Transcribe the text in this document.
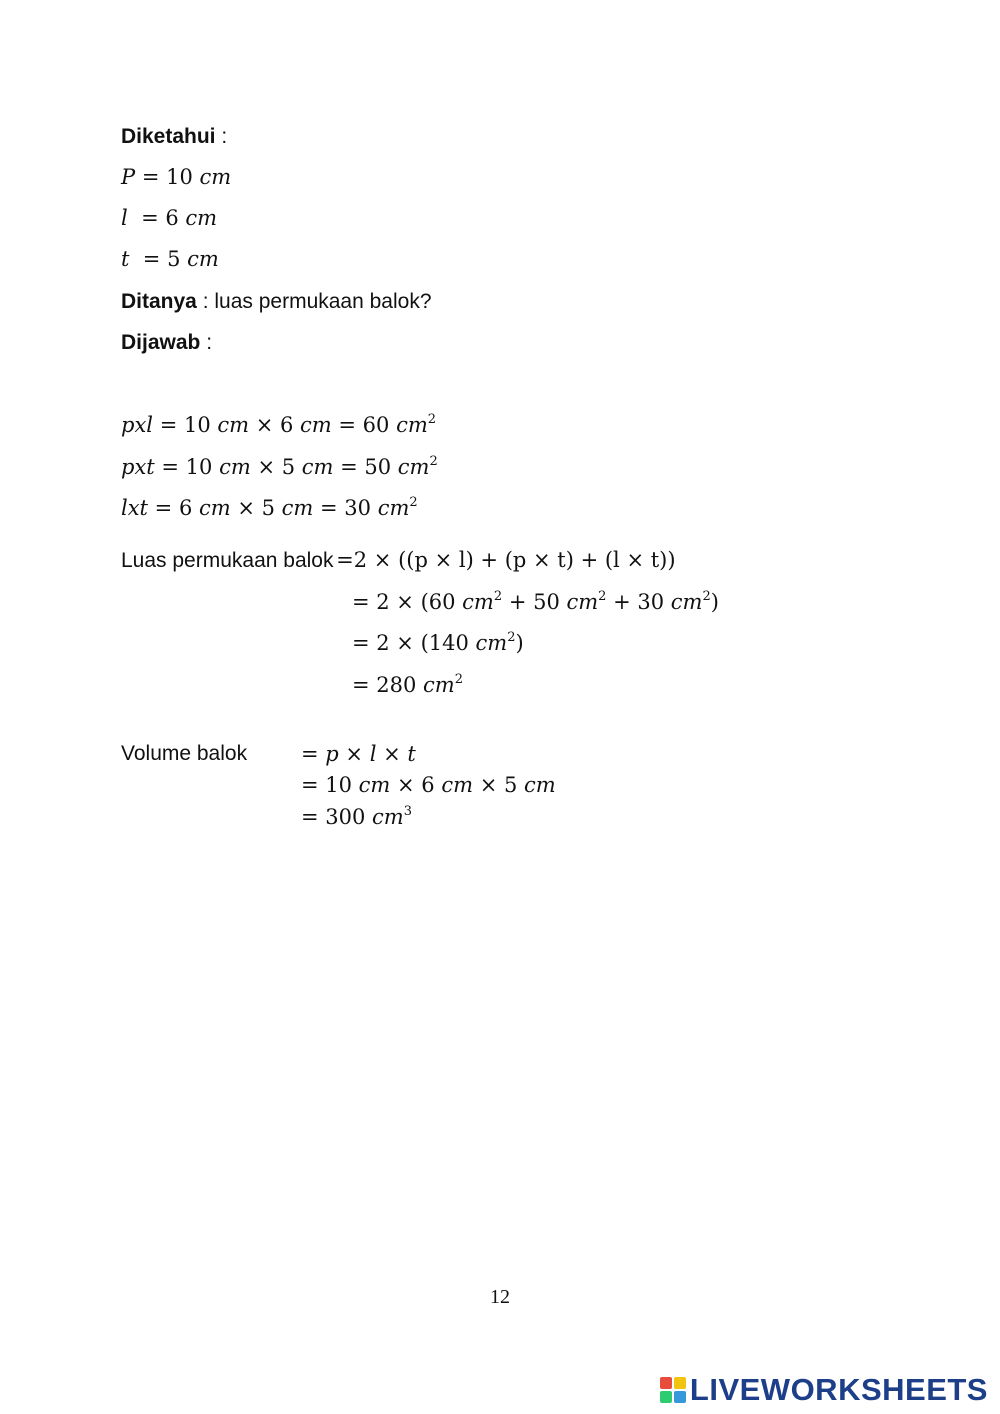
Diketahui :
P = 10 cm
l  = 6 cm
t  = 5 cm
Ditanya : luas permukaan balok?
Dijawab :
pxl = 10 cm × 6 cm = 60 $cm^2$
pxt = 10 cm × 5 cm = 50 $cm^2$
lxt = 6 cm × 5 cm = 30 $cm^2$
Luas permukaan balok =2 × ((p × l) + (p × t) + (l × t))
= 2 × (60 $cm^2 + 50$ $cm^2 + 30$ $cm^2$)
= 2 × (140 $cm^2$)
= 280 $cm^2$
Volume balok	= p × l × t
= 10 cm × 6 cm × 5 cm
= 300 $cm^3$
12
LIVEWORKSHEETS
